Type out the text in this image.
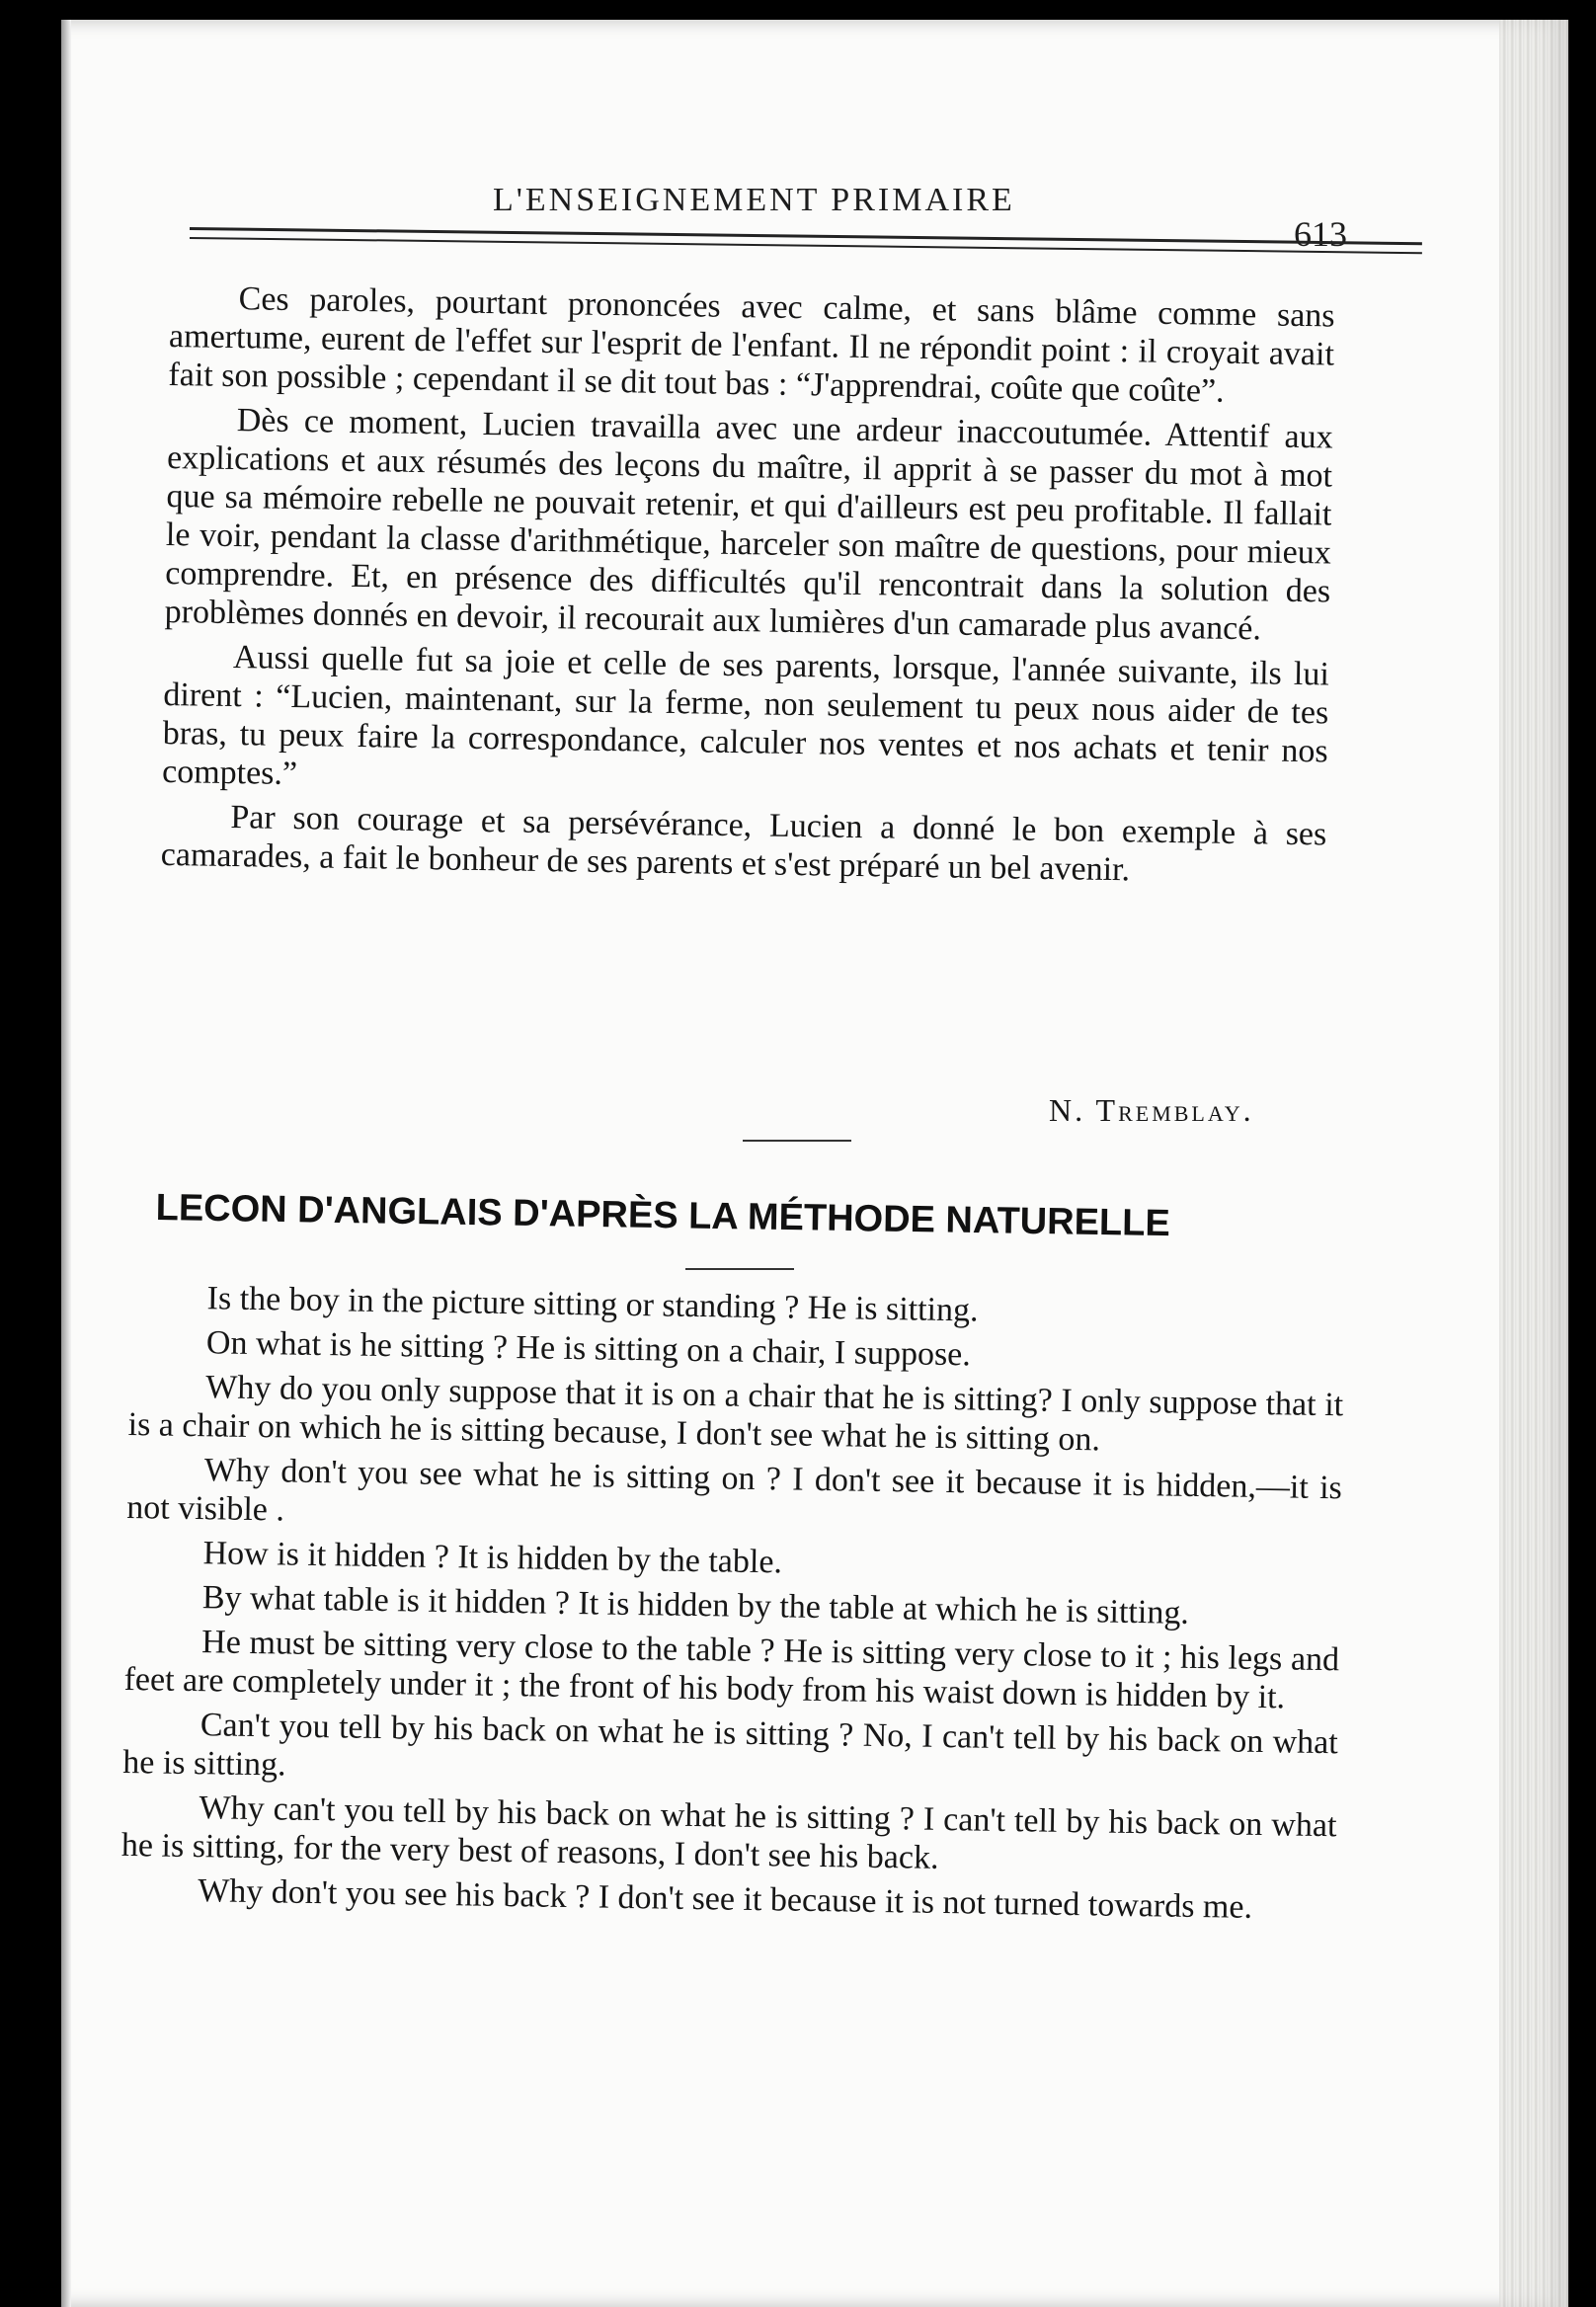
L'ENSEIGNEMENT PRIMAIRE
613

Ces paroles, pourtant prononcées avec calme, et sans blâme comme sans amertume, eurent de l'effet sur l'esprit de l'enfant. Il ne répondit point : il croyait avait fait son possible ; cependant il se dit tout bas : “J'apprendrai, coûte que coûte”.

Dès ce moment, Lucien travailla avec une ardeur inaccoutumée. Attentif aux explications et aux résumés des leçons du maître, il apprit à se passer du mot à mot que sa mémoire rebelle ne pouvait retenir, et qui d'ailleurs est peu profitable. Il fallait le voir, pendant la classe d'arithmétique, harceler son maître de questions, pour mieux comprendre. Et, en présence des difficultés qu'il rencontrait dans la solution des problèmes donnés en devoir, il recourait aux lumières d'un camarade plus avancé.

Aussi quelle fut sa joie et celle de ses parents, lorsque, l'année suivante, ils lui dirent : “Lucien, maintenant, sur la ferme, non seulement tu peux nous aider de tes bras, tu peux faire la correspondance, calculer nos ventes et nos achats et tenir nos comptes.”

Par son courage et sa persévérance, Lucien a donné le bon exemple à ses camarades, a fait le bonheur de ses parents et s'est préparé un bel avenir.

N. Tremblay.
LECON D'ANGLAIS D'APRÈS LA MÉTHODE NATURELLE

Is the boy in the picture sitting or standing ? He is sitting.

On what is he sitting ? He is sitting on a chair, I suppose.

Why do you only suppose that it is on a chair that he is sitting? I only suppose that it is a chair on which he is sitting because, I don't see what he is sitting on.

Why don't you see what he is sitting on ? I don't see it because it is hidden,—it is not visible .

How is it hidden ? It is hidden by the table.

By what table is it hidden ? It is hidden by the table at which he is sitting.

He must be sitting very close to the table ? He is sitting very close to it ; his legs and feet are completely under it ; the front of his body from his waist down is hidden by it.

Can't you tell by his back on what he is sitting ? No, I can't tell by his back on what he is sitting.

Why can't you tell by his back on what he is sitting ? I can't tell by his back on what he is sitting, for the very best of reasons, I don't see his back.

Why don't you see his back ? I don't see it because it is not turned towards me.
